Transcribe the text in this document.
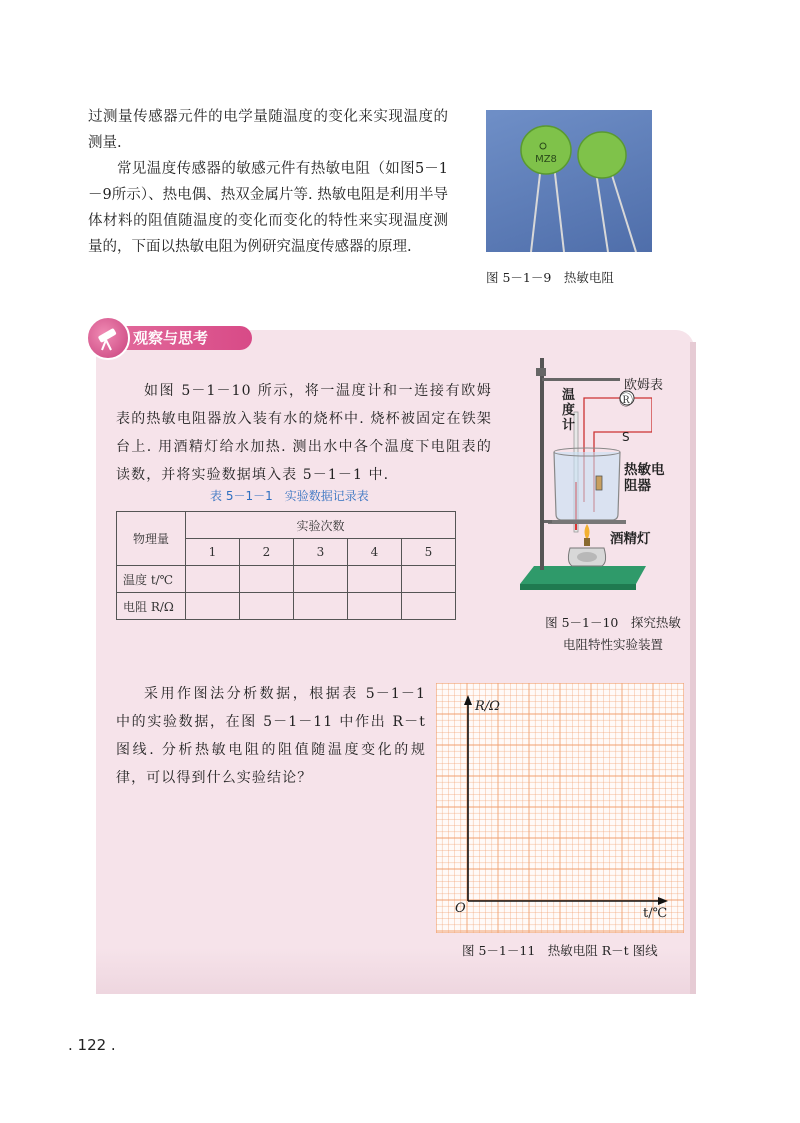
过测量传感器元件的电学量随温度的变化来实现温度的测量.

常见温度传感器的敏感元件有热敏电阻（如图5－1－9所示）、热电偶、热双金属片等. 热敏电阻是利用半导体材料的阻值随温度的变化而变化的特性来实现温度测量的，下面以热敏电阻为例研究温度传感器的原理.

MZ8
图 5－1－9　热敏电阻
观察与思考
如图 5－1－10 所示，将一温度计和一连接有欧姆表的热敏电阻器放入装有水的烧杯中. 烧杯被固定在铁架台上. 用酒精灯给水加热. 测出水中各个温度下电阻表的读数，并将实验数据填入表 5－1－1 中.
表 5－1－1　实验数据记录表
物理量	实验次数				
	1	2	3	4	5
温度 t/℃					
电阻 R/Ω					
欧姆表
Ⓡ
S
温
度
计
热敏电
阻器
酒精灯
图 5－1－10　探究热敏
电阻特性实验装置
采用作图法分析数据，根据表 5－1－1 中的实验数据，在图 5－1－11 中作出 R－t 图线. 分析热敏电阻的阻值随温度变化的规律，可以得到什么实验结论？
R/Ω
O	t/℃
图 5－1－11　热敏电阻 R－t 图线
. 122 .
